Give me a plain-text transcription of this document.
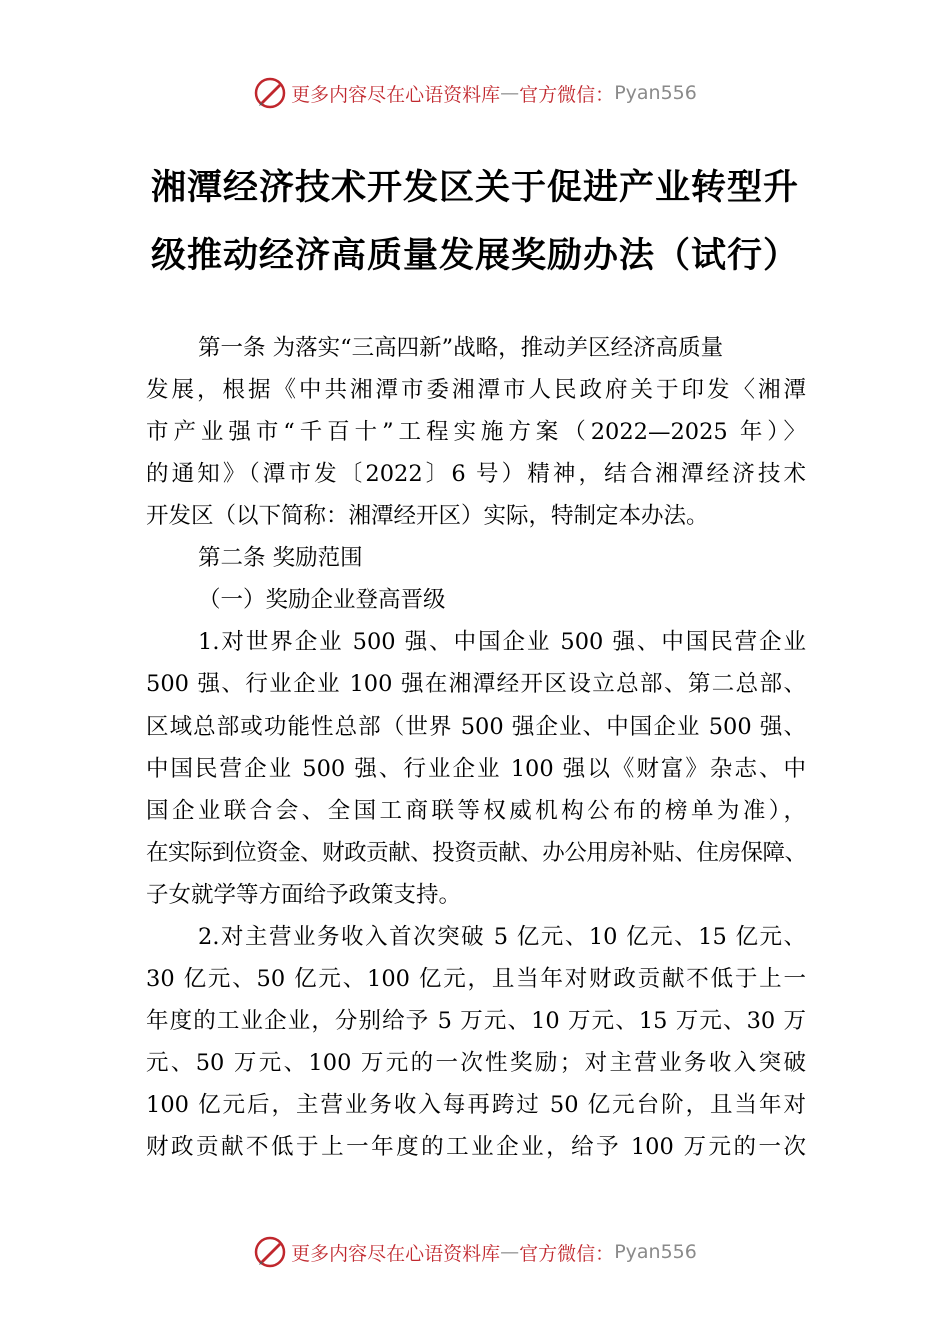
更多内容尽在心语资料库 — 官方微信： Pyan556
湘潭经济技术开发区关于促进产业转型升
级推动经济高质量发展奖励办法（试行）
第一条 为落实“三高四新”战略，推动⺶区经济高质量
发展，根据《中共湘潭市委湘潭市人民政府关于印发〈湘潭
市产业强市“千百十”工程实施方案（2022—2025 年）〉
的通知》（潭市发〔2022〕6 号）精神，结合湘潭经济技术
开发区（以下简称：湘潭经开区）实际，特制定本办法。
第二条 奖励范围
（一）奖励企业登高晋级
1.对世界企业 500 强、中国企业 500 强、中国民营企业
500 强、行业企业 100 强在湘潭经开区设立总部、第二总部、
区域总部或功能性总部（世界 500 强企业、中国企业 500 强、
中国民营企业 500 强、行业企业 100 强以《财富》杂志、中
国企业联合会、全国工商联等权威机构公布的榜单为准），
在实际到位资金、财政贡献、投资贡献、办公用房补贴、住房保障、
子女就学等方面给予政策支持。
2.对主营业务收入首次突破 5 亿元、10 亿元、15 亿元、
30 亿元、50 亿元、100 亿元，且当年对财政贡献不低于上一
年度的工业企业，分别给予 5 万元、10 万元、15 万元、30 万
元、50 万元、100 万元的一次性奖励；对主营业务收入突破
100 亿元后，主营业务收入每再跨过 50 亿元台阶，且当年对
财政贡献不低于上一年度的工业企业，给予 100 万元的一次
更多内容尽在心语资料库 — 官方微信： Pyan556
